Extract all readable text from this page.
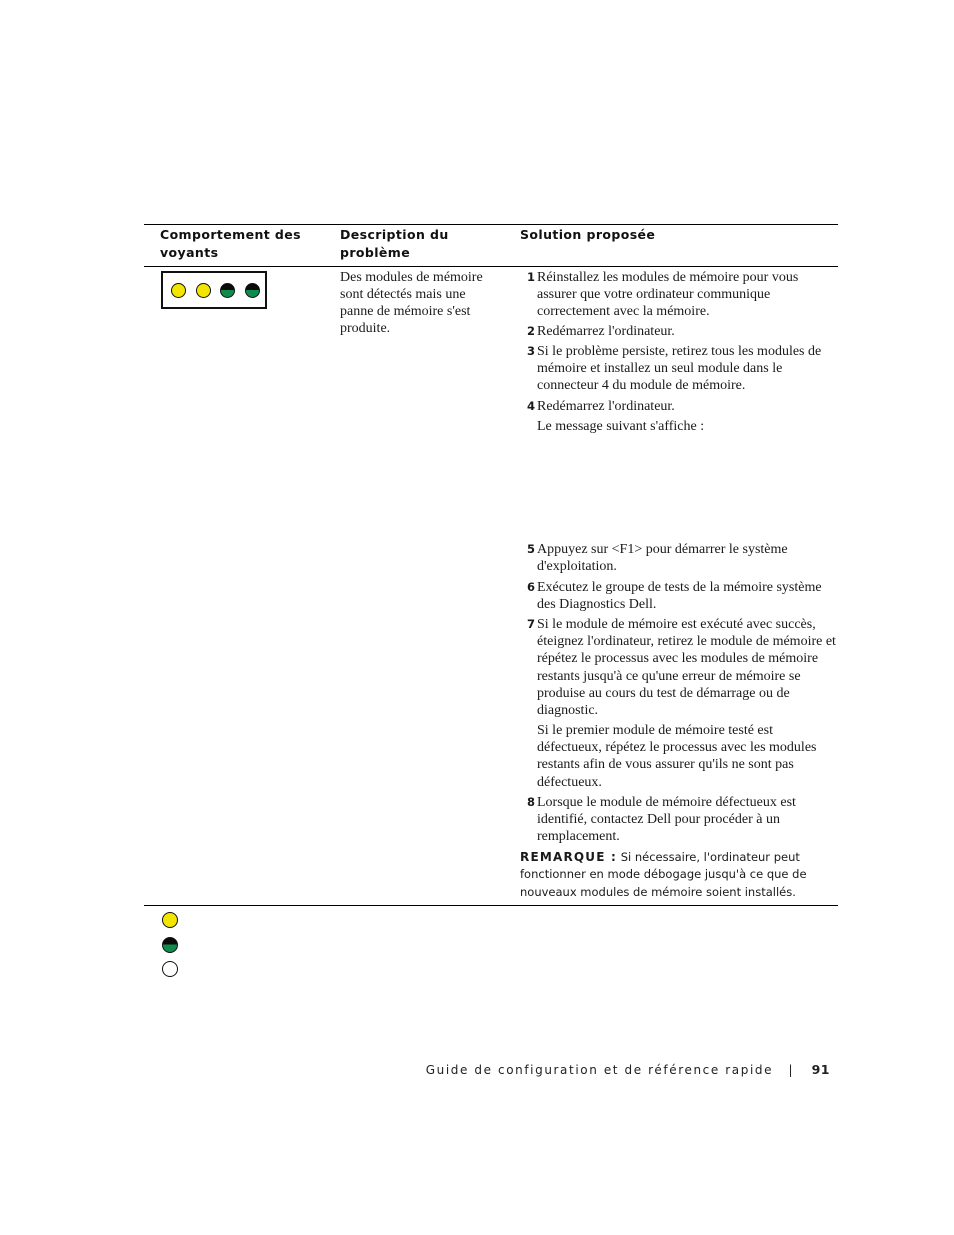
Comportement des voyants
Description du problème
Solution proposée
Des modules de mémoire sont détectés mais une panne de mémoire s'est produite.
1 Réinstallez les modules de mémoire pour vous assurer que votre ordinateur communique correctement avec la mémoire.
2 Redémarrez l'ordinateur.
3 Si le problème persiste, retirez tous les modules de mémoire et installez un seul module dans le connecteur 4 du module de mémoire.
4 Redémarrez l'ordinateur.
Le message suivant s'affiche :
5 Appuyez sur <F1> pour démarrer le système d'exploitation.
6 Exécutez le groupe de tests de la mémoire système des Diagnostics Dell.
7 Si le module de mémoire est exécuté avec succès, éteignez l'ordinateur, retirez le module de mémoire et répétez le processus avec les modules de mémoire restants jusqu'à ce qu'une erreur de mémoire se produise au cours du test de démarrage ou de diagnostic.
Si le premier module de mémoire testé est défectueux, répétez le processus avec les modules restants afin de vous assurer qu'ils ne sont pas défectueux.
8 Lorsque le module de mémoire défectueux est identifié, contactez Dell pour procéder à un remplacement.
REMARQUE : Si nécessaire, l'ordinateur peut fonctionner en mode débogage jusqu'à ce que de nouveaux modules de mémoire soient installés.
Guide de configuration et de référence rapide | 91
